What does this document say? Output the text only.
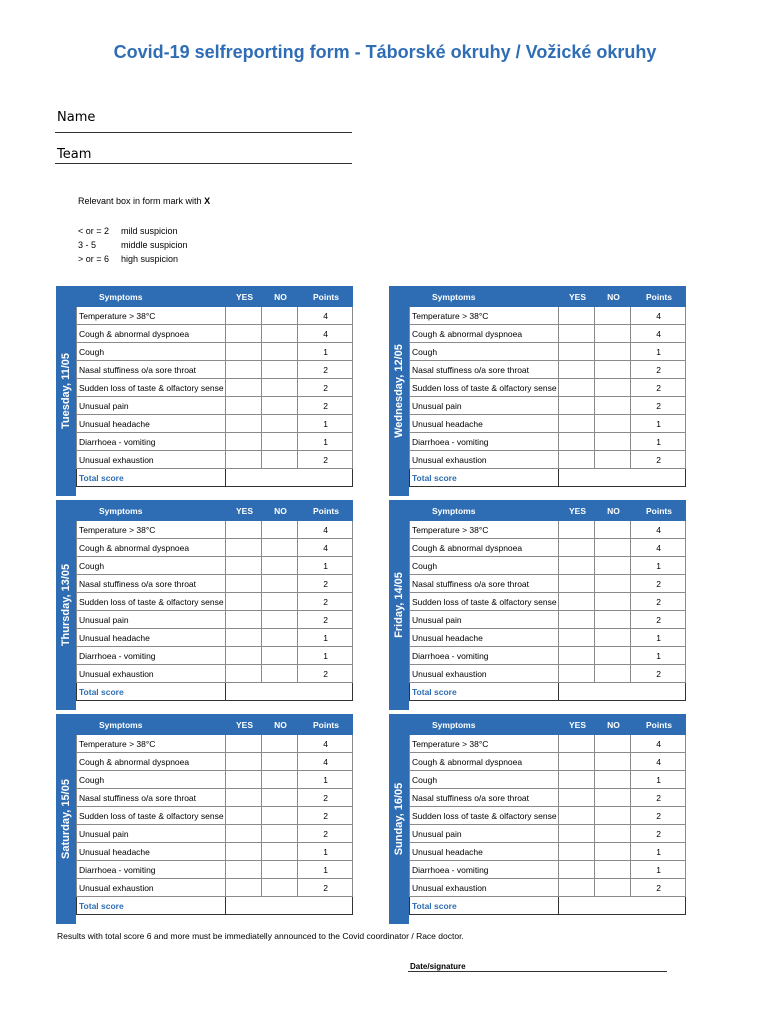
Covid-19 selfreporting form - Táborské okruhy / Vožické okruhy
Name
Team
Relevant box in form mark with X
< or = 2 mild suspicion
3 - 5	middle suspicion
> or = 6 high suspicion
Tuesday, 11/05
Symptoms	YES	NO	Points
Temperature > 38°C			4
Cough & abnormal dyspnoea			4
Cough			1
Nasal stuffiness o/a sore throat			2
Sudden loss of taste & olfactory sense			2
Unusual pain			2
Unusual headache			1
Diarrhoea - vomiting			1
Unusual exhaustion			2
Total score			
Wednesday, 12/05
Symptoms	YES	NO	Points
Temperature > 38°C			4
Cough & abnormal dyspnoea			4
Cough			1
Nasal stuffiness o/a sore throat			2
Sudden loss of taste & olfactory sense			2
Unusual pain			2
Unusual headache			1
Diarrhoea - vomiting			1
Unusual exhaustion			2
Total score			
Thursday, 13/05
Symptoms	YES	NO	Points
Temperature > 38°C			4
Cough & abnormal dyspnoea			4
Cough			1
Nasal stuffiness o/a sore throat			2
Sudden loss of taste & olfactory sense			2
Unusual pain			2
Unusual headache			1
Diarrhoea - vomiting			1
Unusual exhaustion			2
Total score			
Friday, 14/05
Symptoms	YES	NO	Points
Temperature > 38°C			4
Cough & abnormal dyspnoea			4
Cough			1
Nasal stuffiness o/a sore throat			2
Sudden loss of taste & olfactory sense			2
Unusual pain			2
Unusual headache			1
Diarrhoea - vomiting			1
Unusual exhaustion			2
Total score			
Saturday, 15/05
Symptoms	YES	NO	Points
Temperature > 38°C			4
Cough & abnormal dyspnoea			4
Cough			1
Nasal stuffiness o/a sore throat			2
Sudden loss of taste & olfactory sense			2
Unusual pain			2
Unusual headache			1
Diarrhoea - vomiting			1
Unusual exhaustion			2
Total score			
Sunday, 16/05
Symptoms	YES	NO	Points
Temperature > 38°C			4
Cough & abnormal dyspnoea			4
Cough			1
Nasal stuffiness o/a sore throat			2
Sudden loss of taste & olfactory sense			2
Unusual pain			2
Unusual headache			1
Diarrhoea - vomiting			1
Unusual exhaustion			2
Total score			
Results with total score 6 and more must be immediatelly announced to the Covid coordinator / Race doctor.
Date/signature
